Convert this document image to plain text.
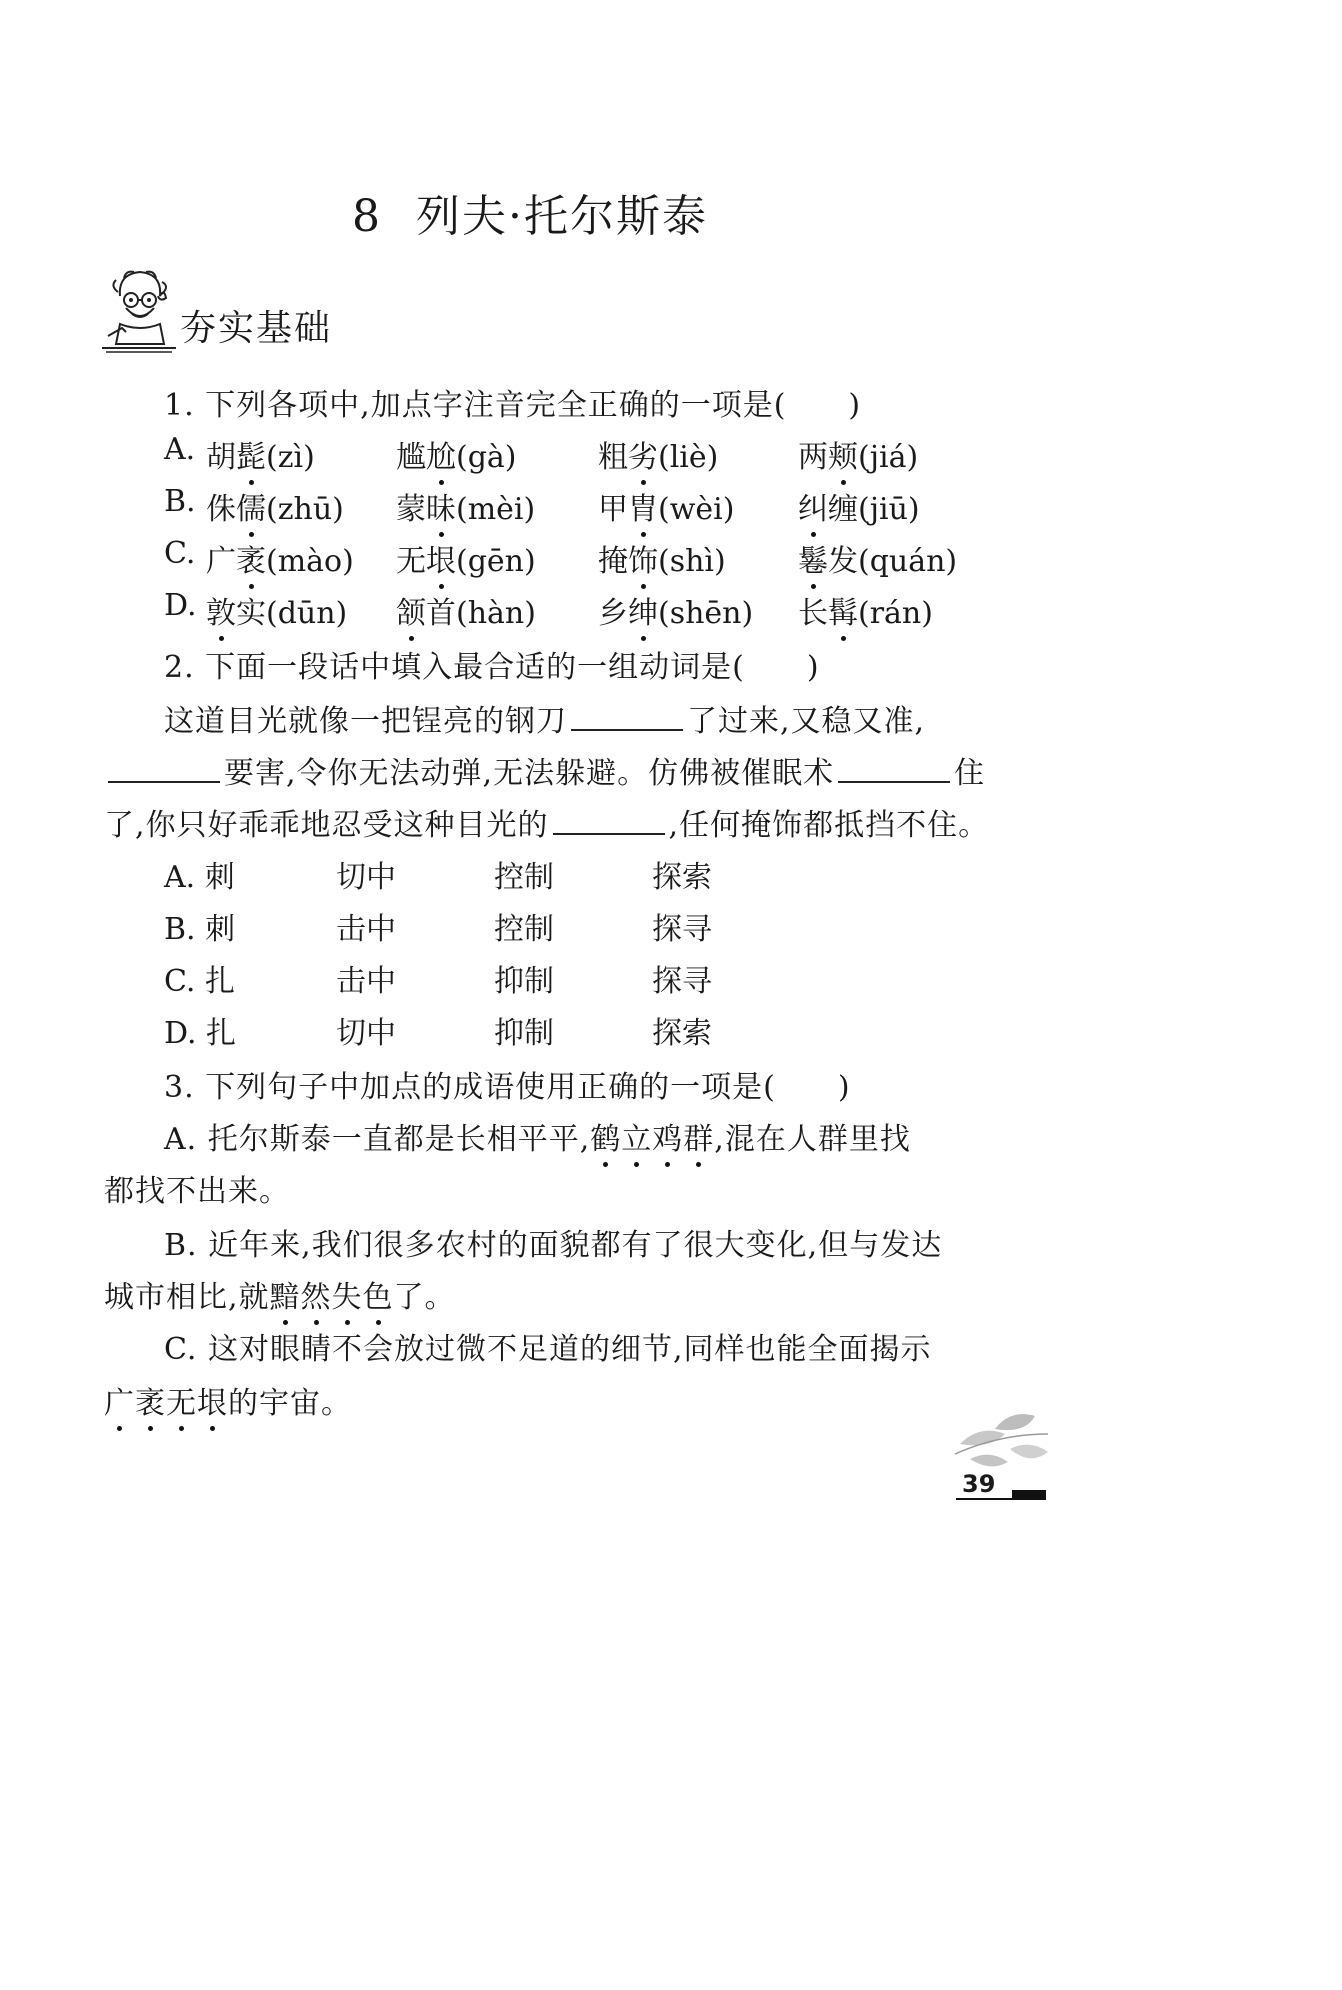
8 列夫·托尔斯泰
夯实基础
1. 下列各项中,加点字注音完全正确的一项是(　　)
A. 胡髭(zì)	尴尬(gà)	粗劣(liè)	两颊(jiá)
B. 侏儒(zhū) 蒙昧(mèi) 甲胄(wèi) 纠缠(jiū)
C. 广袤(mào) 无垠(gēn) 掩饰(shì) 鬈发(quán)
D. 敦实(dūn) 颔首(hàn) 乡绅(shēn) 长髯(rán)
2. 下面一段话中填入最合适的一组动词是(　　)
这道目光就像一把锃亮的钢刀	了过来,又稳又准,
要害,令你无法动弹,无法躲避。仿佛被催眠术	住
了,你只好乖乖地忍受这种目光的	,任何掩饰都抵挡不住。
A. 刺	切中	控制	探索
B. 刺	击中	控制	探寻
C. 扎	击中	抑制	探寻
D. 扎	切中	抑制	探索
3. 下列句子中加点的成语使用正确的一项是(　　)
A. 托尔斯泰一直都是长相平平,鹤立鸡群,混在人群里找
都找不出来。
B. 近年来,我们很多农村的面貌都有了很大变化,但与发达
城市相比,就黯然失色了。
C. 这对眼睛不会放过微不足道的细节,同样也能全面揭示
广袤无垠的宇宙。
39
